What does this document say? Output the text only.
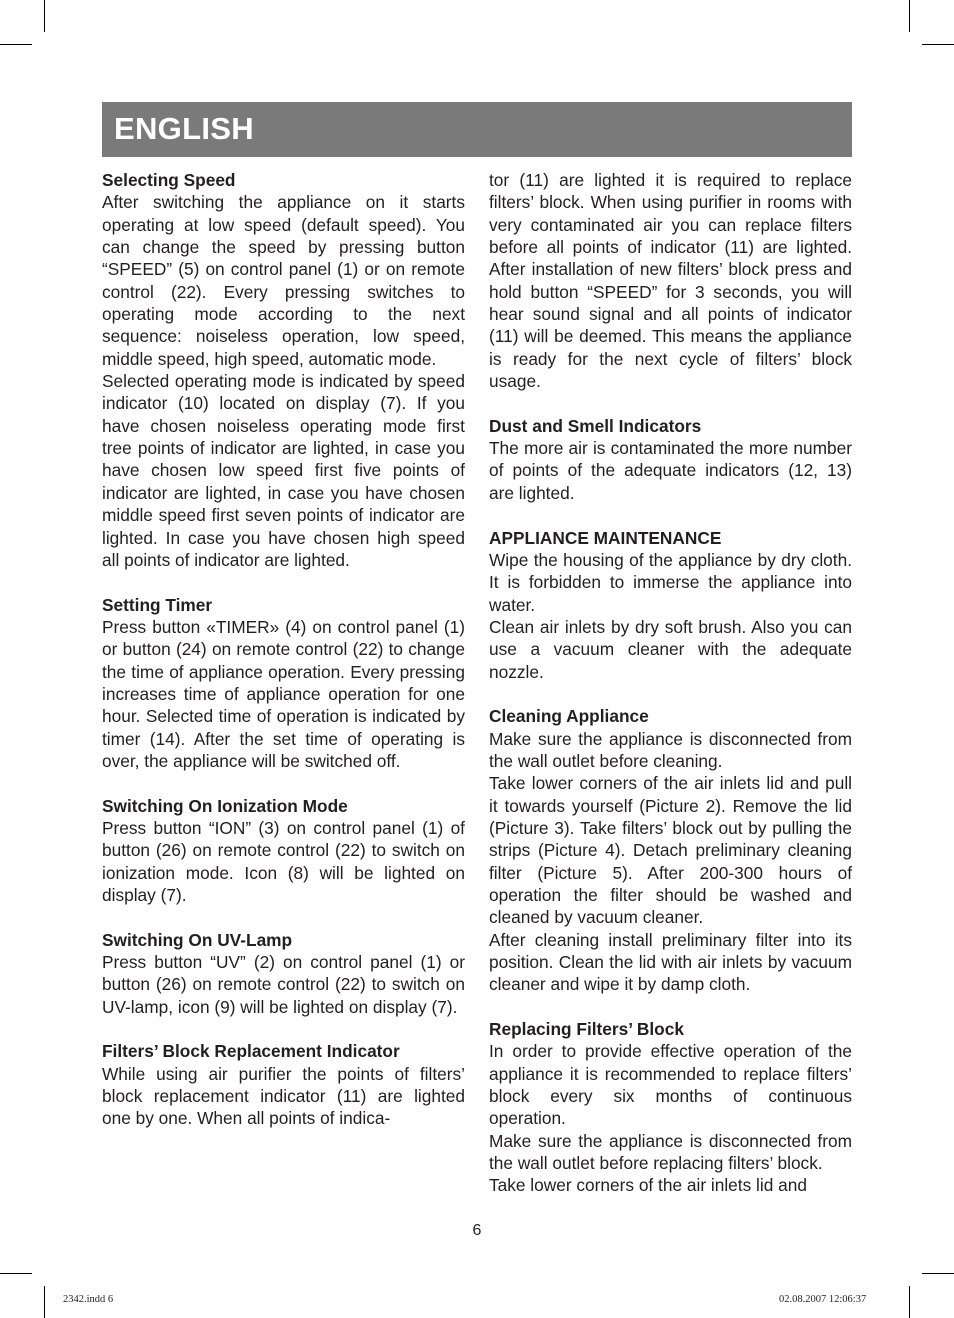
ENGLISH
Selecting Speed

After switching the appliance on it starts operating at low speed (default speed). You can change the speed by pressing button “SPEED” (5) on control panel (1) or on remote control (22). Every pressing switches to operating mode according to the next sequence: noiseless operation, low speed, middle speed, high speed, automatic mode.

Selected operating mode is indicated by speed indicator (10) located on display (7). If you have chosen noiseless operating mode first tree points of indicator are lighted, in case you have chosen low speed first five points of indicator are lighted, in case you have chosen middle speed first seven points of indicator are lighted. In case you have chosen high speed all points of indicator are lighted.

Setting Timer

Press button «TIMER» (4) on control panel (1) or button (24) on remote control (22) to change the time of appliance operation. Every pressing increases time of appliance operation for one hour. Selected time of operation is indicated by timer (14). After the set time of operating is over, the appliance will be switched off.

Switching On Ionization Mode

Press button “ION” (3) on control panel (1) of button (26) on remote control (22) to switch on ionization mode. Icon (8) will be lighted on display (7).

Switching On UV-Lamp

Press button “UV” (2) on control panel (1) or button (26) on remote control (22) to switch on UV-lamp, icon (9) will be lighted on display (7).

Filters’ Block Replacement Indicator

While using air purifier the points of filters’ block replacement indicator (11) are lighted one by one. When all points of indica-

tor (11) are lighted it is required to replace filters’ block. When using purifier in rooms with very contaminated air you can replace filters before all points of indicator (11) are lighted. After installation of new filters’ block press and hold button “SPEED” for 3 seconds, you will hear sound signal and all points of indicator (11) will be deemed. This means the appliance is ready for the next cycle of filters’ block usage.

Dust and Smell Indicators

The more air is contaminated the more number of points of the adequate indicators (12, 13) are lighted.

APPLIANCE MAINTENANCE

Wipe the housing of the appliance by dry cloth. It is forbidden to immerse the appliance into water.

Clean air inlets by dry soft brush. Also you can use a vacuum cleaner with the adequate nozzle.

Cleaning Appliance

Make sure the appliance is disconnected from the wall outlet before cleaning.

Take lower corners of the air inlets lid and pull it towards yourself (Picture 2). Remove the lid (Picture 3). Take filters’ block out by pulling the strips (Picture 4). Detach preliminary cleaning filter (Picture 5). After 200-300 hours of operation the filter should be washed and cleaned by vacuum cleaner.

After cleaning install preliminary filter into its position. Clean the lid with air inlets by vacuum cleaner and wipe it by damp cloth.

Replacing Filters’ Block

In order to provide effective operation of the appliance it is recommended to replace filters’ block every six months of continuous operation.

Make sure the appliance is disconnected from the wall outlet before replacing filters’ block.

Take lower corners of the air inlets lid and

6
2342.indd 6	02.08.2007 12:06:37
